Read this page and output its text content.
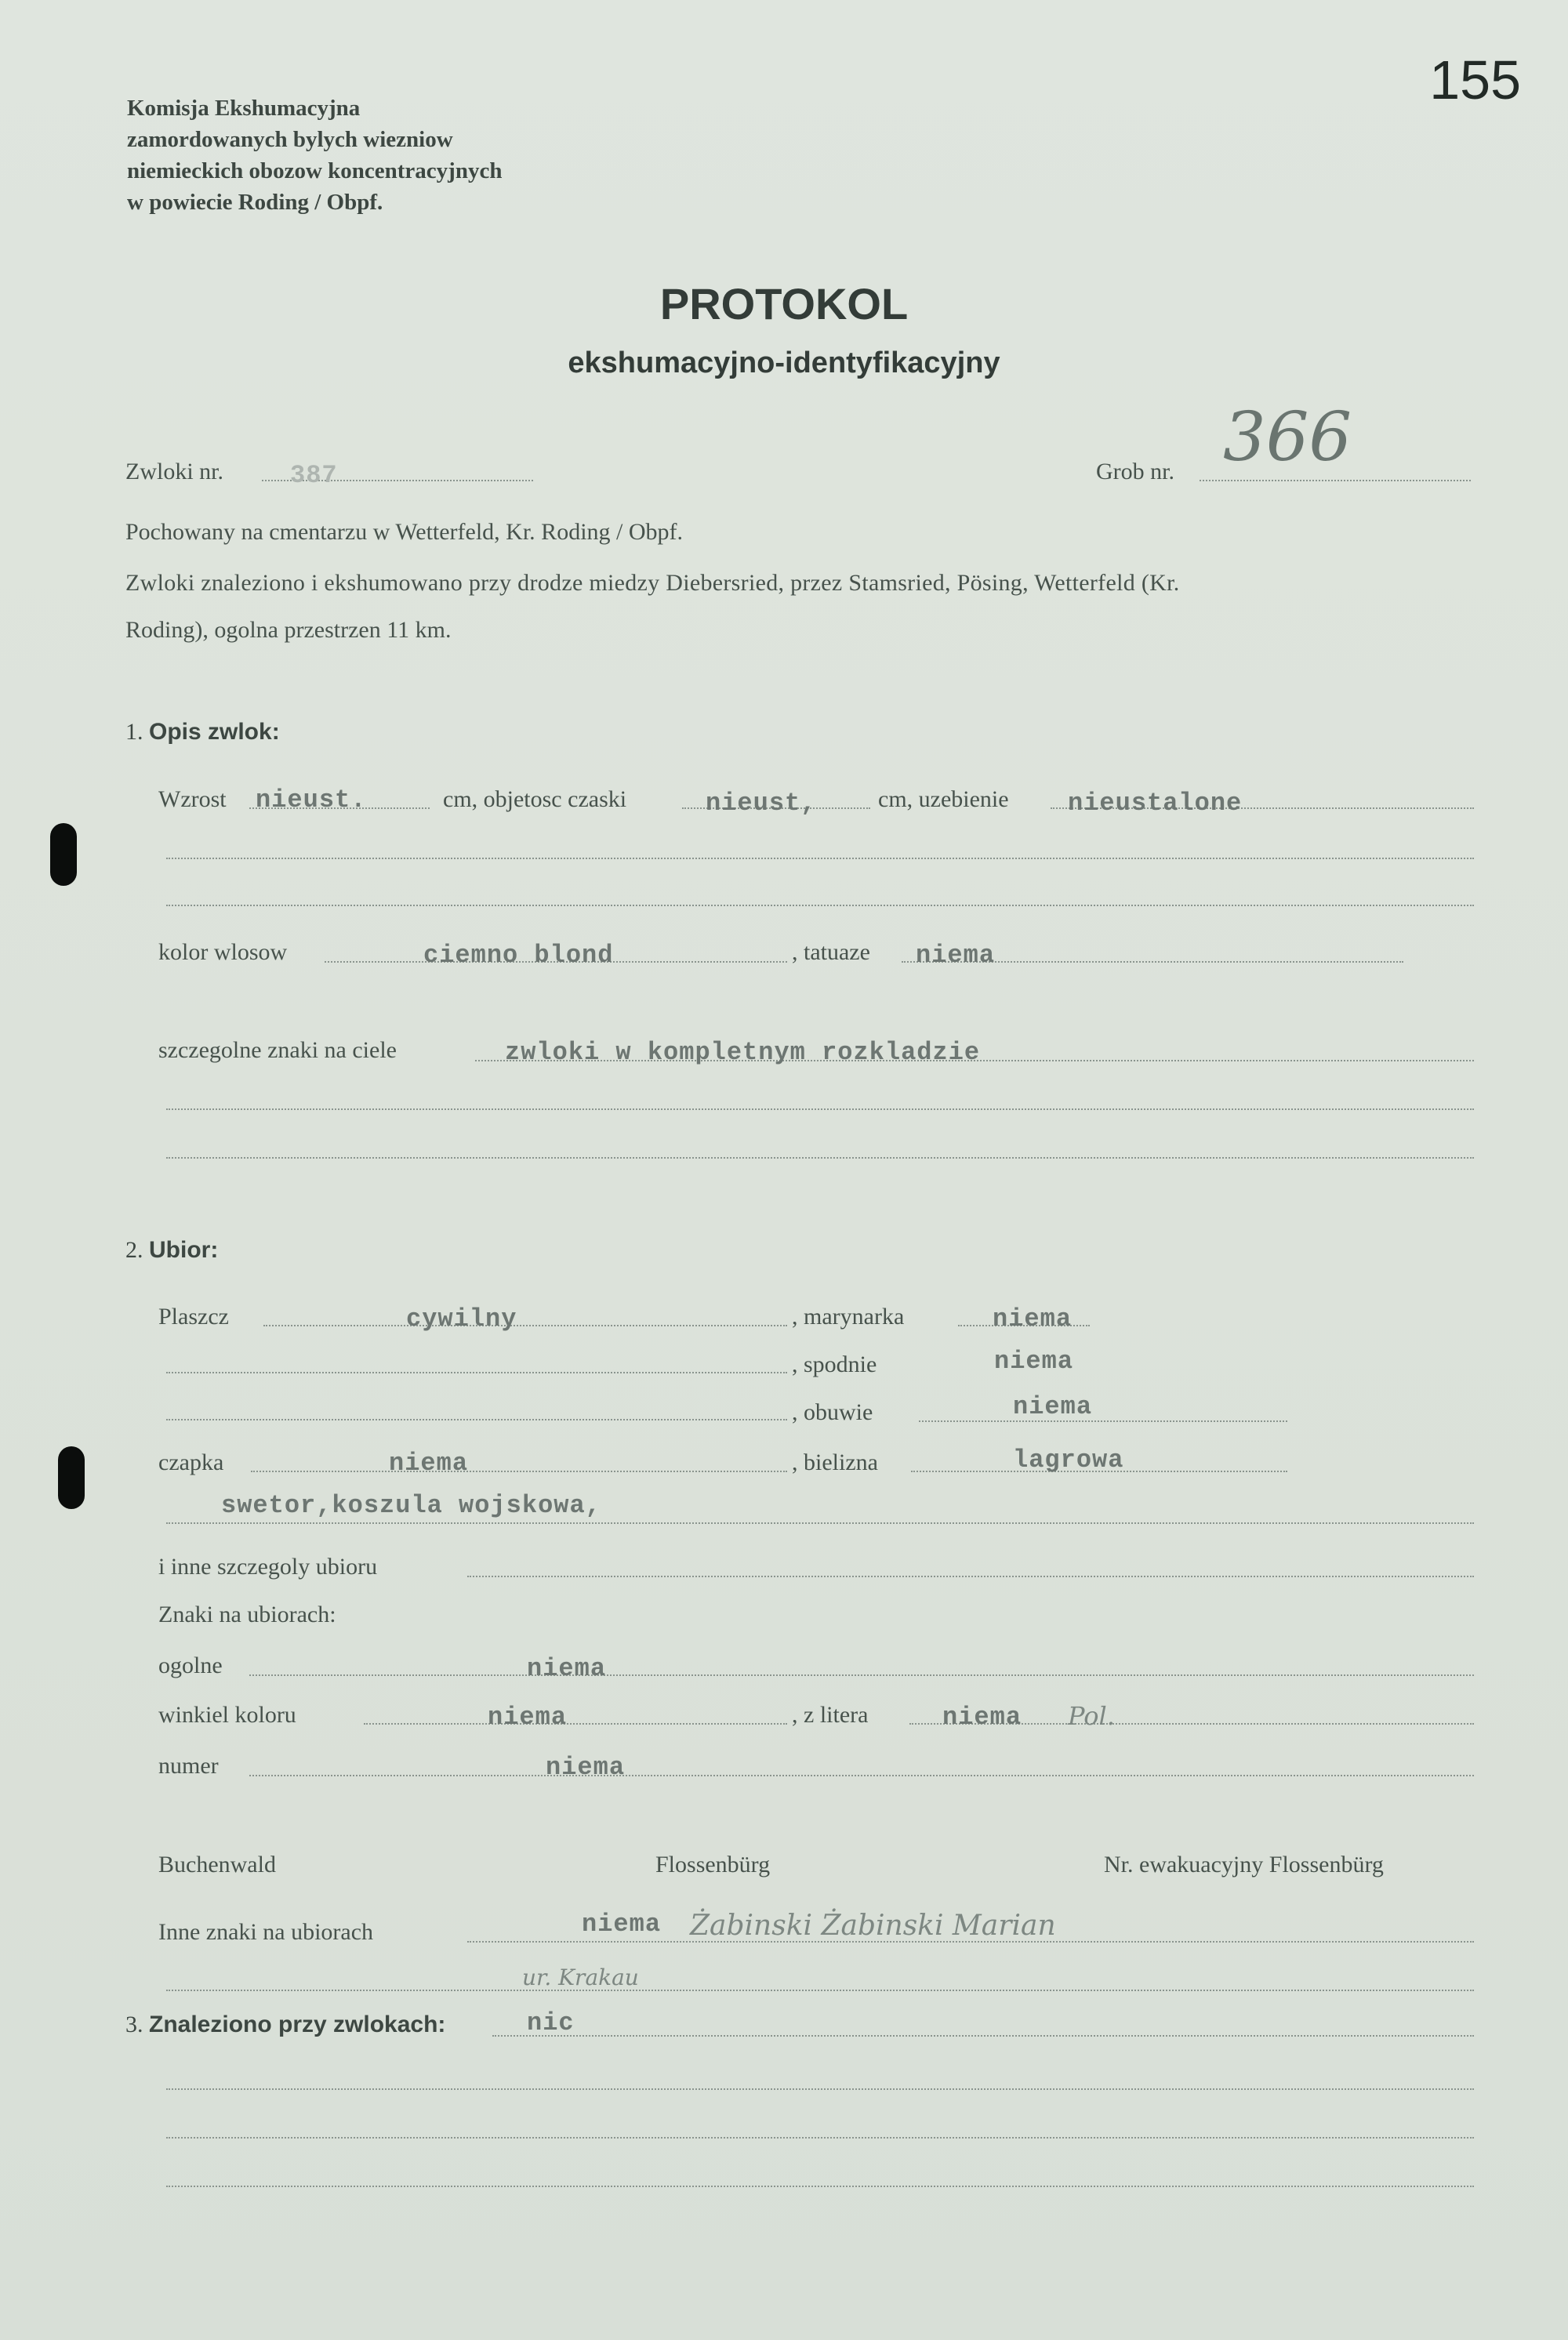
155
Komisja Ekshumacyjna
zamordowanych bylych wiezniow
niemieckich obozow koncentracyjnych
w powiecie Roding / Obpf.
PROTOKOL
ekshumacyjno-identyfikacyjny
Zwloki nr.	387	Grob nr. 366
Pochowany na cmentarzu w Wetterfeld, Kr. Roding / Obpf.
Zwloki znaleziono i ekshumowano przy drodze miedzy Diebersried, przez Stamsried, Pösing, Wetterfeld (Kr.
Roding), ogolna przestrzen 11 km.
1. Opis zwlok:
Wzrost nieust.	cm, objetosc czaski	nieust,	cm, uzebienie nieustalone
kolor wlosow	ciemno blond	, tatuaze niema
szczegolne znaki na ciele	zwloki w kompletnym rozkladzie
2. Ubior:
Plaszcz	cywilny	, marynarka	niema
, spodnie	niema
, obuwie	niema
czapka	niema	, bielizna	lagrowa
swetor,koszula wojskowa,
i inne szczegoly ubioru
Znaki na ubiorach:
ogolne	niema
winkiel koloru	niema	, z litera	niema Pol.
numer	niema
Buchenwald	Flossenbürg	Nr. ewakuacyjny Flossenbürg
Inne znaki na ubiorach	niema Żabinski Żabinski Marian
ur. Krakau
3. Znaleziono przy zwlokach:	nic
